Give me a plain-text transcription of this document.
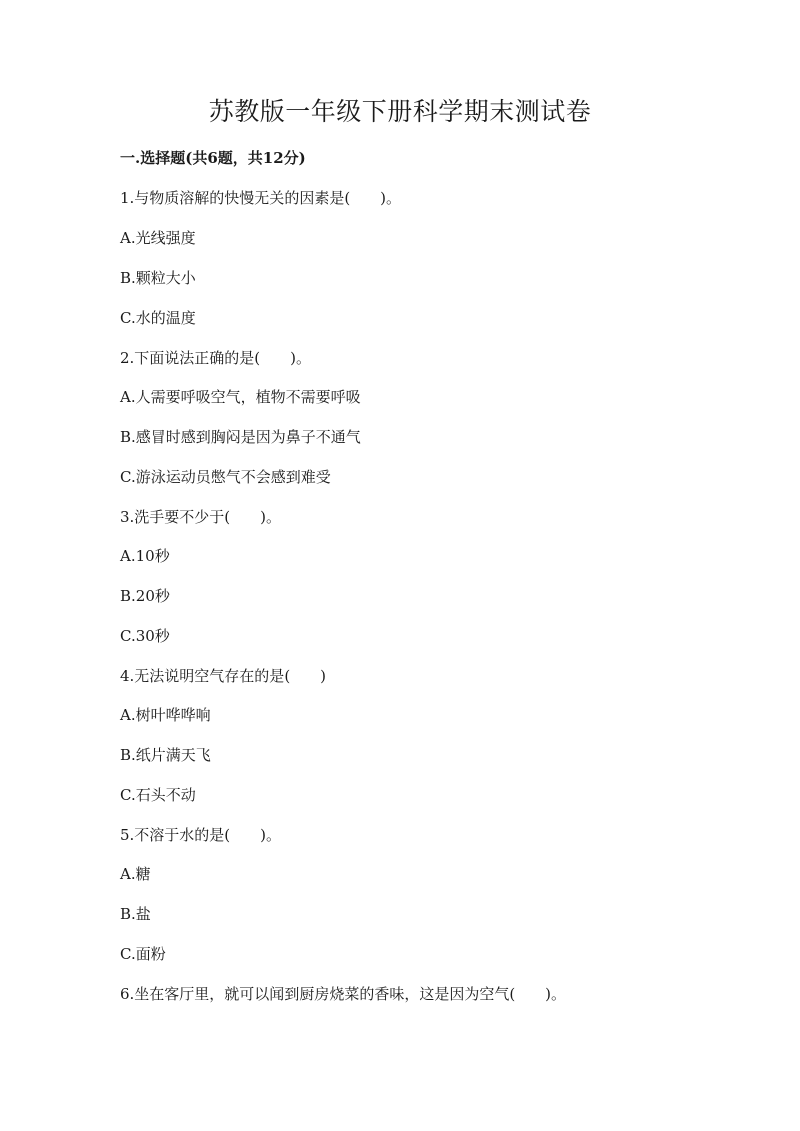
苏教版一年级下册科学期末测试卷
一.选择题(共6题，共12分)
1.与物质溶解的快慢无关的因素是(　　)。
A.光线强度
B.颗粒大小
C.水的温度
2.下面说法正确的是(　　)。
A.人需要呼吸空气，植物不需要呼吸
B.感冒时感到胸闷是因为鼻子不通气
C.游泳运动员憋气不会感到难受
3.洗手要不少于(　　)。
A.10秒
B.20秒
C.30秒
4.无法说明空气存在的是(　　)
A.树叶哗哗响
B.纸片满天飞
C.石头不动
5.不溶于水的是(　　)。
A.糖
B.盐
C.面粉
6.坐在客厅里，就可以闻到厨房烧菜的香味，这是因为空气(　　)。
